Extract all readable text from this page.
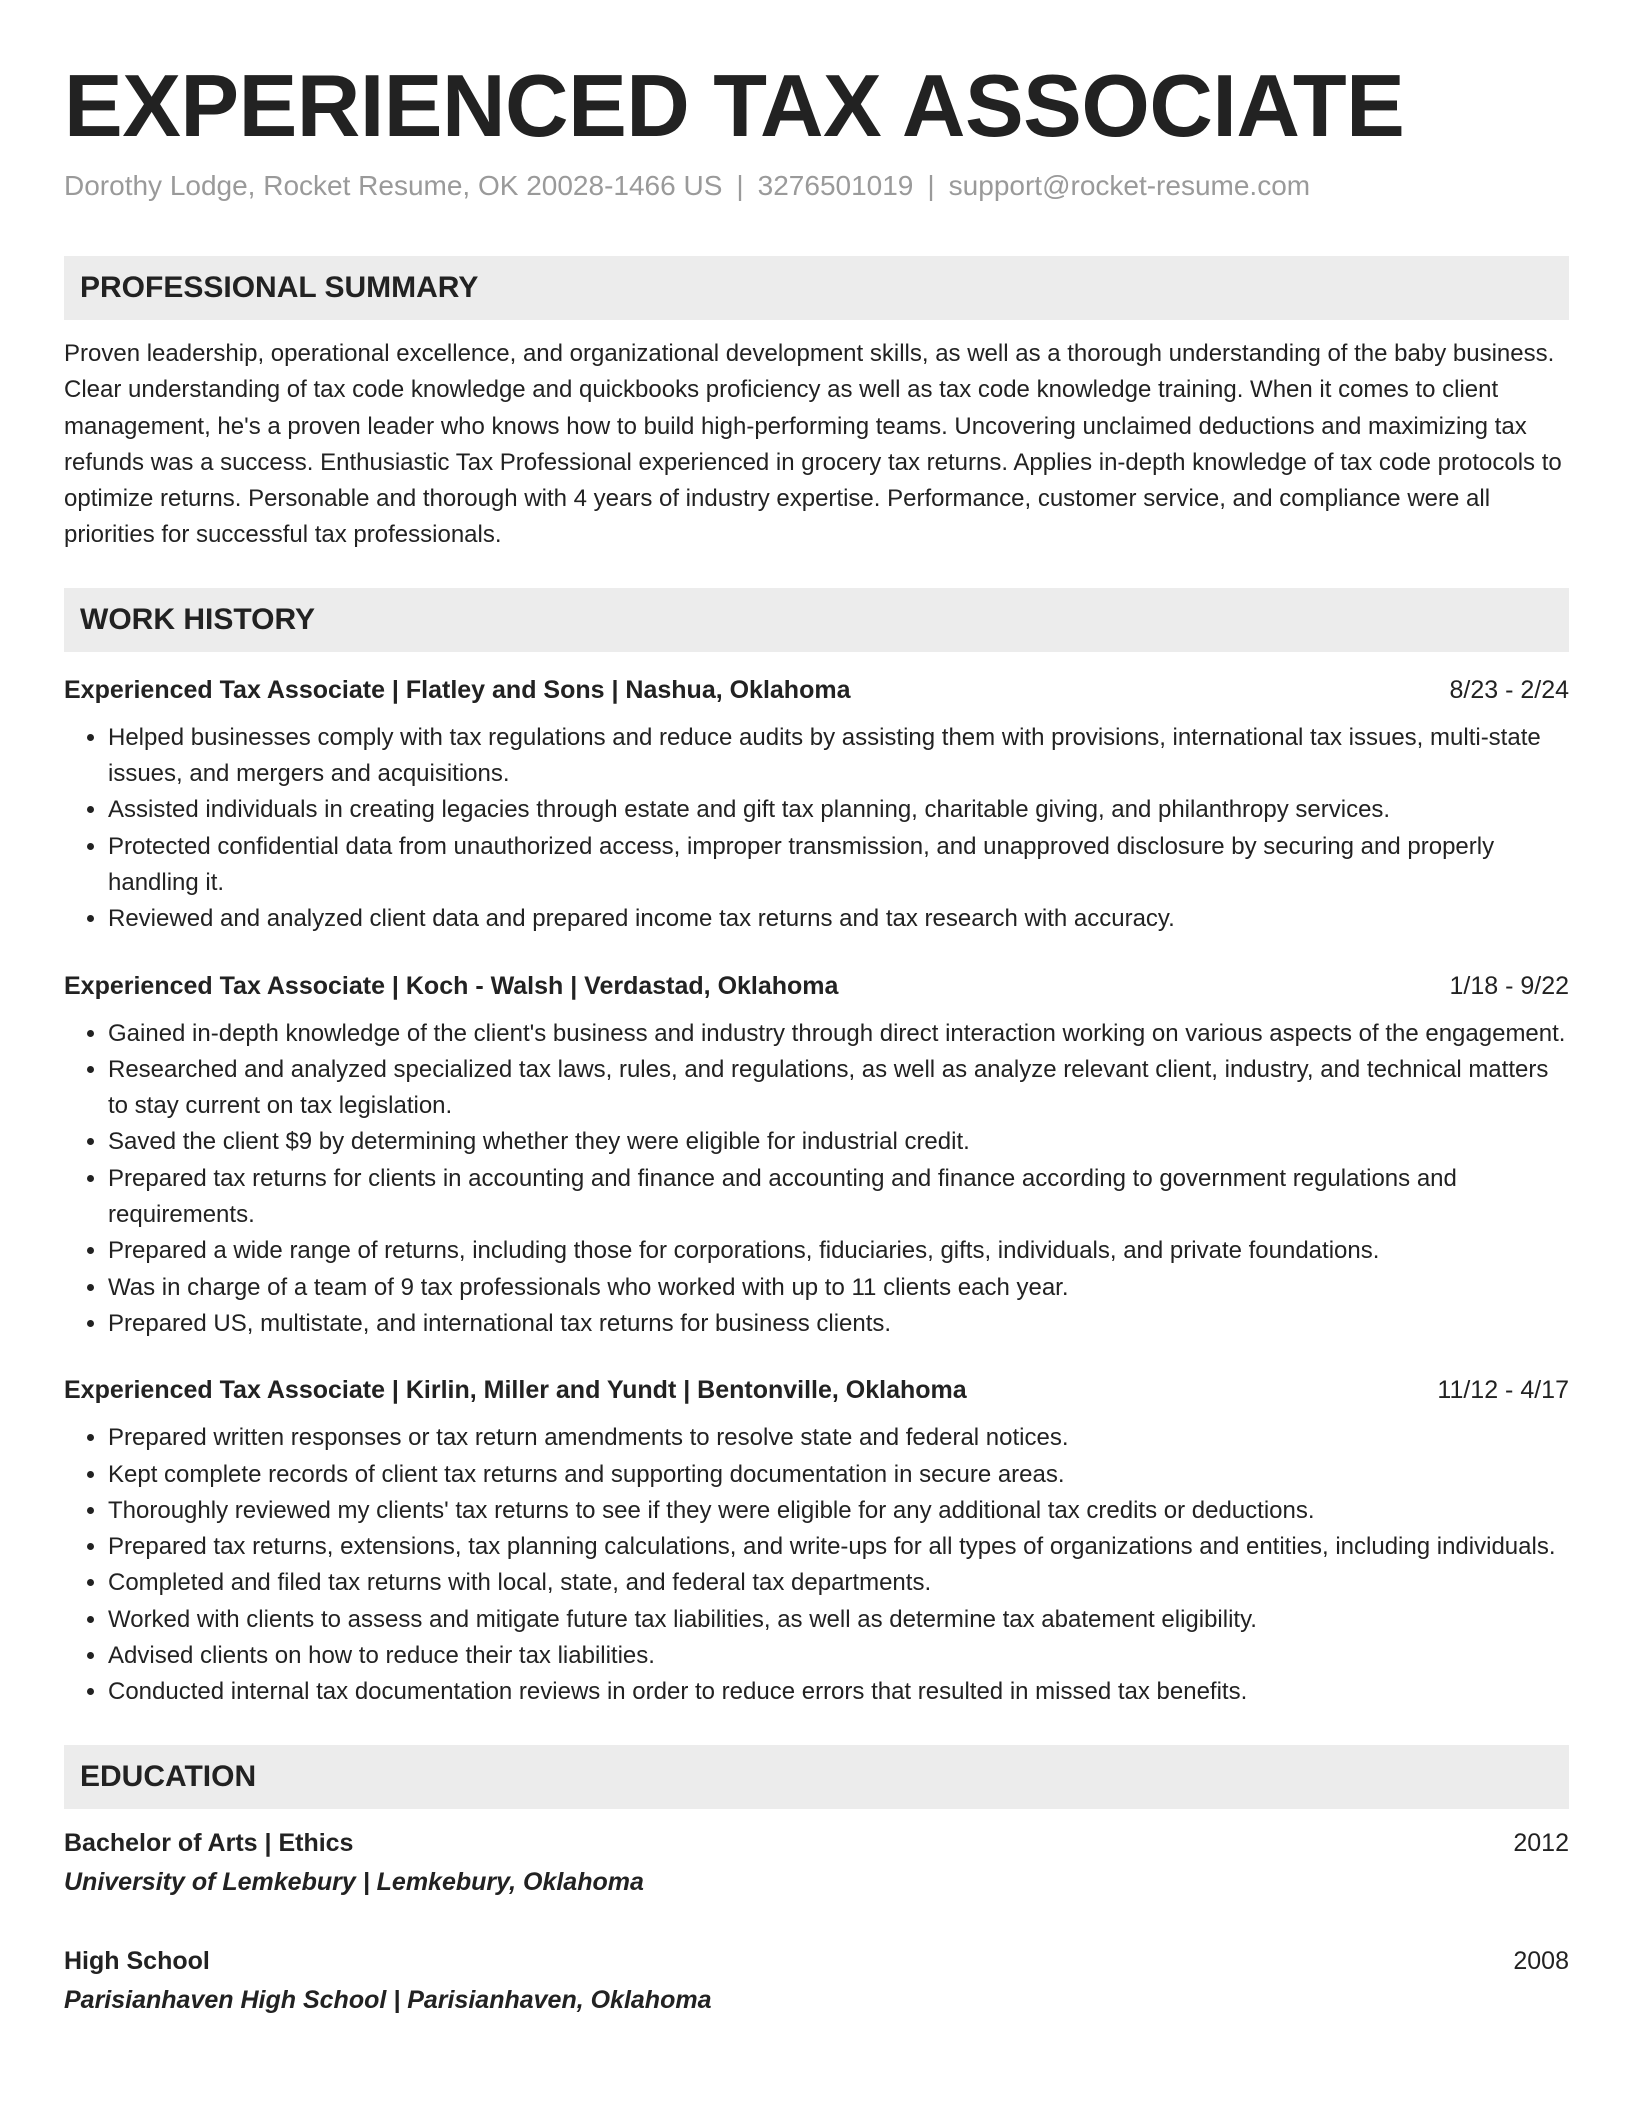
EXPERIENCED TAX ASSOCIATE
Dorothy Lodge, Rocket Resume, OK 20028-1466 US | 3276501019 | support@rocket-resume.com
PROFESSIONAL SUMMARY
Proven leadership, operational excellence, and organizational development skills, as well as a thorough understanding of the baby business. Clear understanding of tax code knowledge and quickbooks proficiency as well as tax code knowledge training. When it comes to client management, he's a proven leader who knows how to build high-performing teams. Uncovering unclaimed deductions and maximizing tax refunds was a success. Enthusiastic Tax Professional experienced in grocery tax returns. Applies in-depth knowledge of tax code protocols to optimize returns. Personable and thorough with 4 years of industry expertise. Performance, customer service, and compliance were all priorities for successful tax professionals.
WORK HISTORY
Experienced Tax Associate | Flatley and Sons | Nashua, Oklahoma	8/23 - 2/24
• Helped businesses comply with tax regulations and reduce audits by assisting them with provisions, international tax issues, multi-state issues, and mergers and acquisitions.
• Assisted individuals in creating legacies through estate and gift tax planning, charitable giving, and philanthropy services.
• Protected confidential data from unauthorized access, improper transmission, and unapproved disclosure by securing and properly handling it.
• Reviewed and analyzed client data and prepared income tax returns and tax research with accuracy.
Experienced Tax Associate | Koch - Walsh | Verdastad, Oklahoma	1/18 - 9/22
• Gained in-depth knowledge of the client's business and industry through direct interaction working on various aspects of the engagement.
• Researched and analyzed specialized tax laws, rules, and regulations, as well as analyze relevant client, industry, and technical matters to stay current on tax legislation.
• Saved the client $9 by determining whether they were eligible for industrial credit.
• Prepared tax returns for clients in accounting and finance and accounting and finance according to government regulations and requirements.
• Prepared a wide range of returns, including those for corporations, fiduciaries, gifts, individuals, and private foundations.
• Was in charge of a team of 9 tax professionals who worked with up to 11 clients each year.
• Prepared US, multistate, and international tax returns for business clients.
Experienced Tax Associate | Kirlin, Miller and Yundt | Bentonville, Oklahoma	11/12 - 4/17
• Prepared written responses or tax return amendments to resolve state and federal notices.
• Kept complete records of client tax returns and supporting documentation in secure areas.
• Thoroughly reviewed my clients' tax returns to see if they were eligible for any additional tax credits or deductions.
• Prepared tax returns, extensions, tax planning calculations, and write-ups for all types of organizations and entities, including individuals.
• Completed and filed tax returns with local, state, and federal tax departments.
• Worked with clients to assess and mitigate future tax liabilities, as well as determine tax abatement eligibility.
• Advised clients on how to reduce their tax liabilities.
• Conducted internal tax documentation reviews in order to reduce errors that resulted in missed tax benefits.
EDUCATION
Bachelor of Arts | Ethics	2012
University of Lemkebury | Lemkebury, Oklahoma
High School	2008
Parisianhaven High School | Parisianhaven, Oklahoma
